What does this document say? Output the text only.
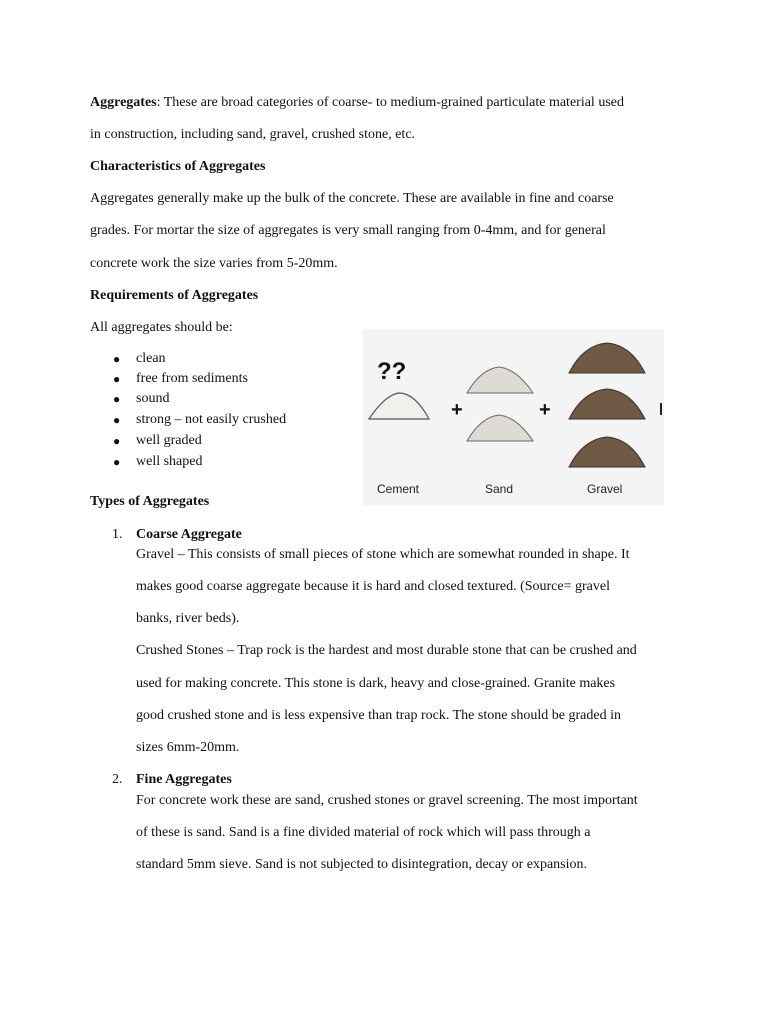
Aggregates: These are broad categories of coarse- to medium-grained particulate material used
in construction, including sand, gravel, crushed stone, etc.
Characteristics of Aggregates
Aggregates generally make up the bulk of the concrete. These are available in fine and coarse
grades. For mortar the size of aggregates is very small ranging from 0-4mm, and for general
concrete work the size varies from 5-20mm.
Requirements of Aggregates
All aggregates should be:
● clean
● free from sediments
● sound
● strong – not easily crushed
● well graded
● well shaped
??
+	+
Cement	Sand	Gravel
Types of Aggregates
1. Coarse Aggregate
Gravel – This consists of small pieces of stone which are somewhat rounded in shape. It
makes good coarse aggregate because it is hard and closed textured. (Source= gravel
banks, river beds).
Crushed Stones – Trap rock is the hardest and most durable stone that can be crushed and
used for making concrete. This stone is dark, heavy and close-grained. Granite makes
good crushed stone and is less expensive than trap rock. The stone should be graded in
sizes 6mm-20mm.
2. Fine Aggregates
For concrete work these are sand, crushed stones or gravel screening. The most important
of these is sand. Sand is a fine divided material of rock which will pass through a
standard 5mm sieve. Sand is not subjected to disintegration, decay or expansion.
